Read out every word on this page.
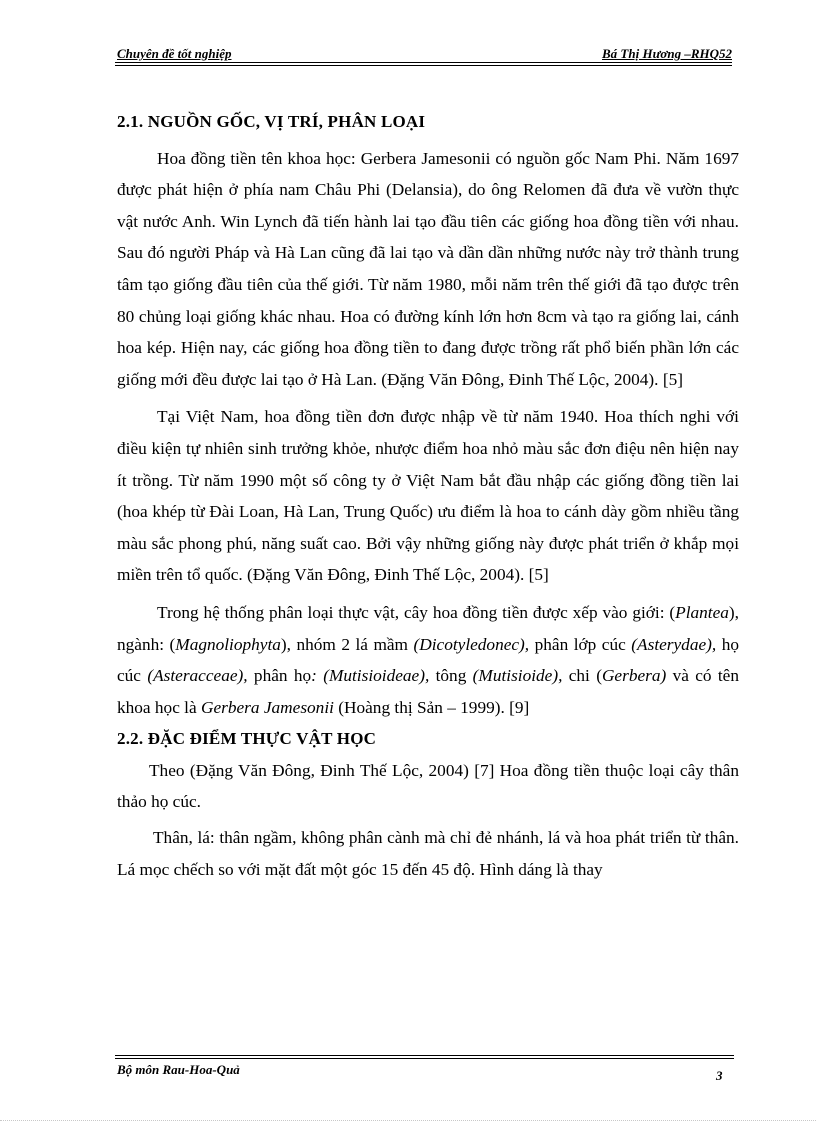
Chuyên đề tốt nghiệp	Bá Thị Hương –RHQ52
2.1. NGUỒN GỐC, VỊ TRÍ, PHÂN LOẠI

Hoa đồng tiền tên khoa học: Gerbera Jamesonii có nguồn gốc Nam Phi. Năm 1697 được phát hiện ở phía nam Châu Phi (Delansia), do ông Relomen đã đưa về vườn thực vật nước Anh. Win Lynch đã tiến hành lai tạo đầu tiên các giống hoa đồng tiền với nhau. Sau đó người Pháp và Hà Lan cũng đã lai tạo và dần dần những nước này trở thành trung tâm tạo giống đầu tiên của thế giới. Từ năm 1980, mỗi năm trên thế giới đã tạo được trên 80 chủng loại giống khác nhau. Hoa có đường kính lớn hơn 8cm và tạo ra giống lai, cánh hoa kép. Hiện nay, các giống hoa đồng tiền to đang được trồng rất phổ biến phần lớn các giống mới đều được lai tạo ở Hà Lan. (Đặng Văn Đông, Đinh Thế Lộc, 2004). [5]

Tại Việt Nam, hoa đồng tiền đơn được nhập về từ năm 1940. Hoa thích nghi với điều kiện tự nhiên sinh trưởng khỏe, nhược điểm hoa nhỏ màu sắc đơn điệu nên hiện nay ít trồng. Từ năm 1990 một số công ty ở Việt Nam bắt đầu nhập các giống đồng tiền lai (hoa khép từ Đài Loan, Hà Lan, Trung Quốc) ưu điểm là hoa to cánh dày gồm nhiều tầng màu sắc phong phú, năng suất cao. Bởi vậy những giống này được phát triển ở khắp mọi miền trên tổ quốc. (Đặng Văn Đông, Đinh Thế Lộc, 2004). [5]

Trong hệ thống phân loại thực vật, cây hoa đồng tiền được xếp vào giới: (Plantea), ngành: (Magnoliophyta), nhóm 2 lá mầm (Dicotyledonec), phân lớp cúc (Asterydae), họ cúc (Asteracceae), phân họ: (Mutisioideae), tông (Mutisioide), chi (Gerbera) và có tên khoa học là Gerbera Jamesonii (Hoàng thị Sản – 1999). [9]

2.2. ĐẶC ĐIỂM THỰC VẬT HỌC

Theo (Đặng Văn Đông, Đinh Thế Lộc, 2004) [7] Hoa đồng tiền thuộc loại cây thân thảo họ cúc.

Thân, lá: thân ngầm, không phân cành mà chỉ đẻ nhánh, lá và hoa phát triển từ thân. Lá mọc chếch so với mặt đất một góc 15 đến 45 độ. Hình dáng là thay

Bộ môn Rau-Hoa-Quả	3
